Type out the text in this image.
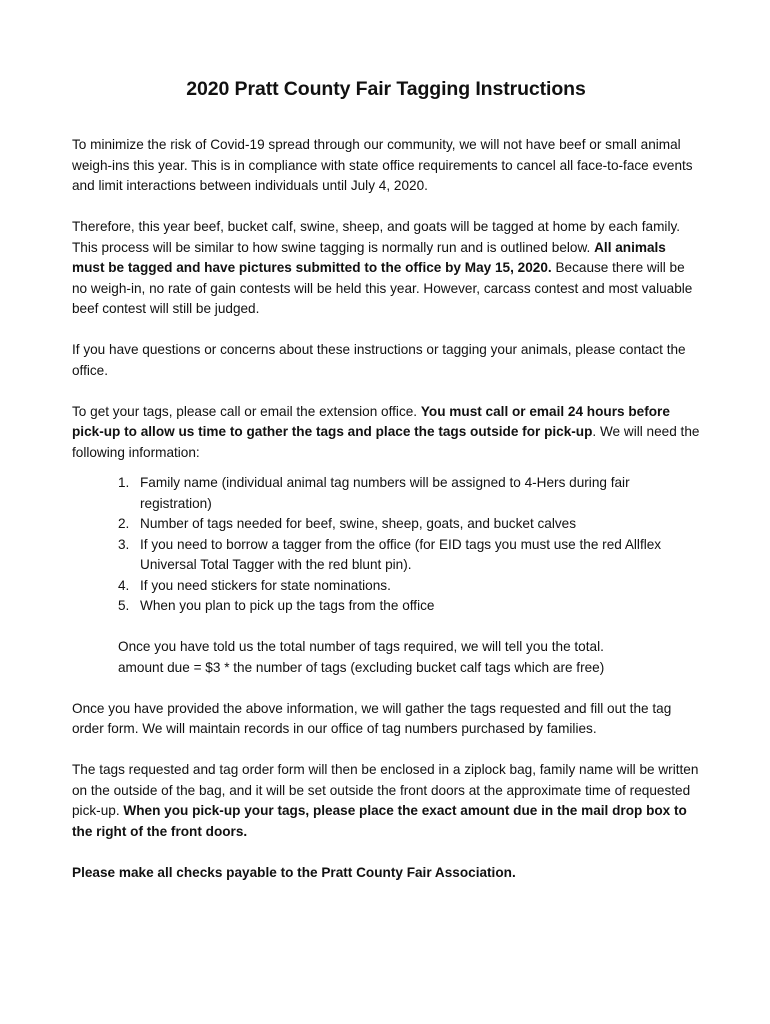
2020 Pratt County Fair Tagging Instructions

To minimize the risk of Covid-19 spread through our community, we will not have beef or small animal weigh-ins this year. This is in compliance with state office requirements to cancel all face-to-face events and limit interactions between individuals until July 4, 2020.

Therefore, this year beef, bucket calf, swine, sheep, and goats will be tagged at home by each family. This process will be similar to how swine tagging is normally run and is outlined below. All animals must be tagged and have pictures submitted to the office by May 15, 2020. Because there will be no weigh-in, no rate of gain contests will be held this year. However, carcass contest and most valuable beef contest will still be judged.

If you have questions or concerns about these instructions or tagging your animals, please contact the office.

To get your tags, please call or email the extension office. You must call or email 24 hours before pick-up to allow us time to gather the tags and place the tags outside for pick-up. We will need the following information:

1. Family name (individual animal tag numbers will be assigned to 4-Hers during fair registration)
2. Number of tags needed for beef, swine, sheep, goats, and bucket calves
3. If you need to borrow a tagger from the office (for EID tags you must use the red Allflex Universal Total Tagger with the red blunt pin).
4. If you need stickers for state nominations.
5. When you plan to pick up the tags from the office

Once you have told us the total number of tags required, we will tell you the total.

amount due = $3 * the number of tags (excluding bucket calf tags which are free)

Once you have provided the above information, we will gather the tags requested and fill out the tag order form. We will maintain records in our office of tag numbers purchased by families.

The tags requested and tag order form will then be enclosed in a ziplock bag, family name will be written on the outside of the bag, and it will be set outside the front doors at the approximate time of requested pick-up. When you pick-up your tags, please place the exact amount due in the mail drop box to the right of the front doors.

Please make all checks payable to the Pratt County Fair Association.
